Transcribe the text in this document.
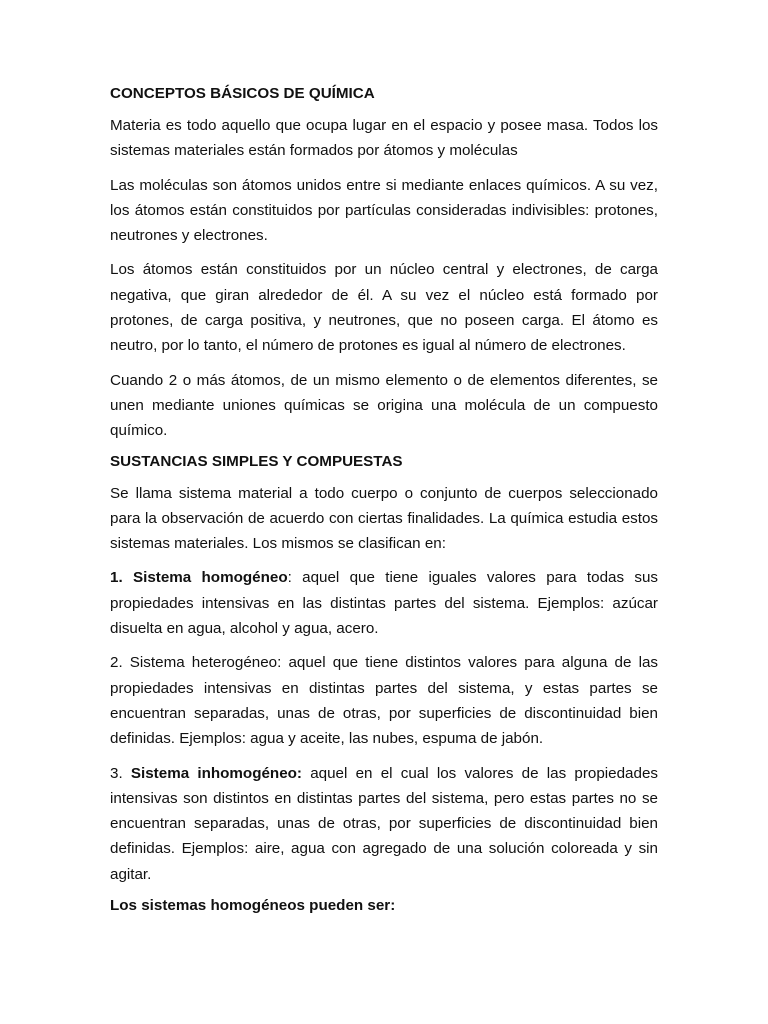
CONCEPTOS BÁSICOS DE QUÍMICA

Materia es todo aquello que ocupa lugar en el espacio y posee masa. Todos los sistemas materiales están formados por átomos y moléculas

Las moléculas son átomos unidos entre si mediante enlaces químicos. A su vez, los átomos están constituidos por partículas consideradas indivisibles: protones, neutrones y electrones.

Los átomos están constituidos por un núcleo central y electrones, de carga negativa, que giran alrededor de él. A su vez el núcleo está formado por protones, de carga positiva, y neutrones, que no poseen carga. El átomo es neutro, por lo tanto, el número de protones es igual al número de electrones.

Cuando 2 o más átomos, de un mismo elemento o de elementos diferentes, se unen mediante uniones químicas se origina una molécula de un compuesto químico.

SUSTANCIAS SIMPLES Y COMPUESTAS

Se llama sistema material a todo cuerpo o conjunto de cuerpos seleccionado para la observación de acuerdo con ciertas finalidades. La química estudia estos sistemas materiales. Los mismos se clasifican en:

1. Sistema homogéneo: aquel que tiene iguales valores para todas sus propiedades intensivas en las distintas partes del sistema. Ejemplos: azúcar disuelta en agua, alcohol y agua, acero.

2. Sistema heterogéneo: aquel que tiene distintos valores para alguna de las propiedades intensivas en distintas partes del sistema, y estas partes se encuentran separadas, unas de otras, por superficies de discontinuidad bien definidas. Ejemplos: agua y aceite, las nubes, espuma de jabón.

3. Sistema inhomogéneo: aquel en el cual los valores de las propiedades intensivas son distintos en distintas partes del sistema, pero estas partes no se encuentran separadas, unas de otras, por superficies de discontinuidad bien definidas. Ejemplos: aire, agua con agregado de una solución coloreada y sin agitar.

Los sistemas homogéneos pueden ser:
